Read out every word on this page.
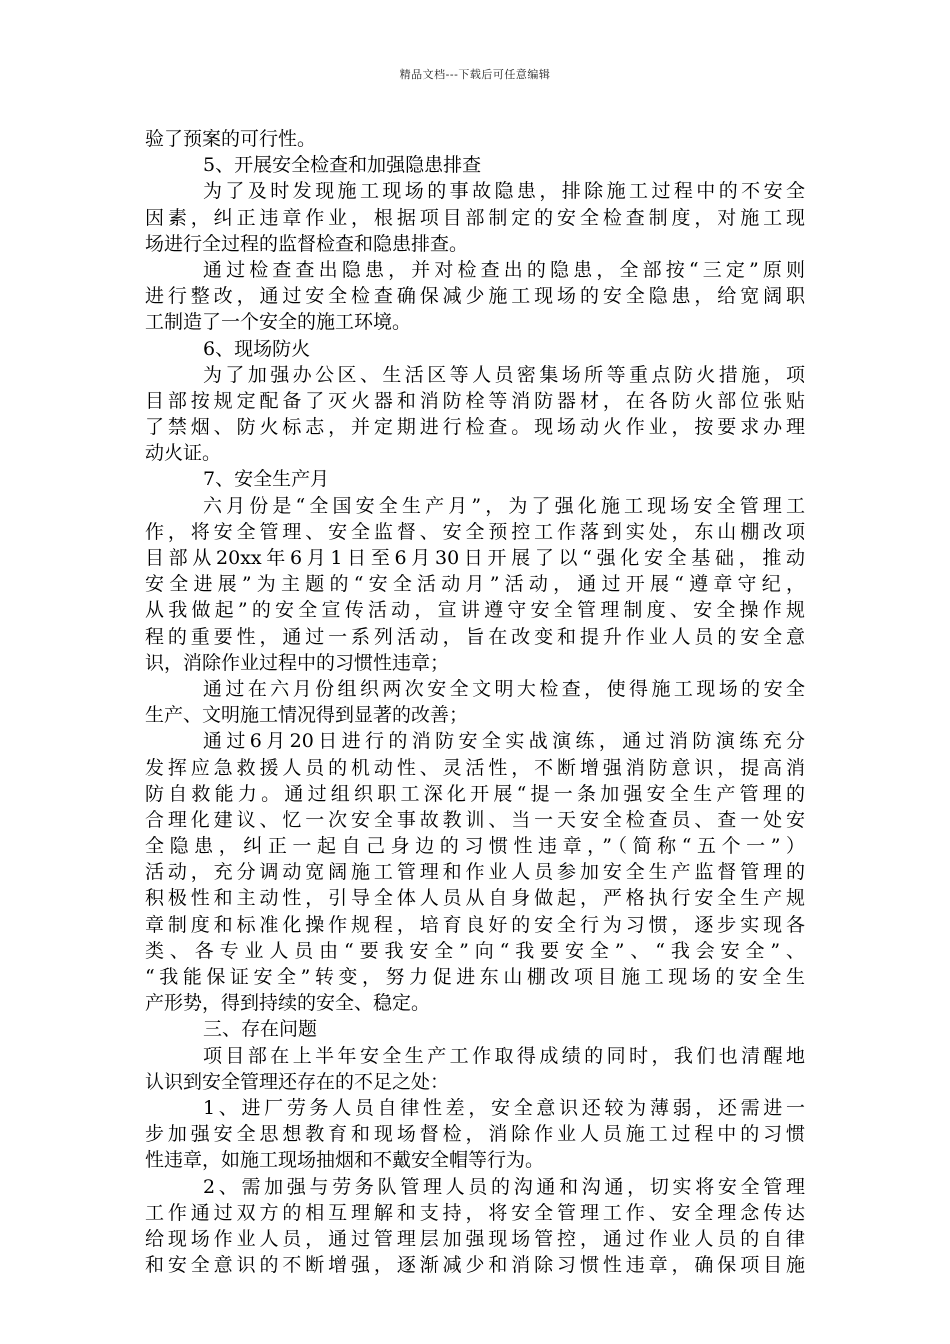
精品文档---下载后可任意编辑
验了预案的可行性。
5、开展安全检查和加强隐患排查
为了及时发现施工现场的事故隐患，排除施工过程中的不安全
因素，纠正违章作业，根据项目部制定的安全检查制度，对施工现
场进行全过程的监督检查和隐患排查。
通过检查查出隐患，并对检查出的隐患，全部按“三定”原则
进行整改，通过安全检查确保减少施工现场的安全隐患，给宽阔职
工制造了一个安全的施工环境。
6、现场防火
为了加强办公区、生活区等人员密集场所等重点防火措施，项
目部按规定配备了灭火器和消防栓等消防器材，在各防火部位张贴
了禁烟、防火标志，并定期进行检查。现场动火作业，按要求办理
动火证。
7、安全生产月
六月份是“全国安全生产月”，为了强化施工现场安全管理工
作，将安全管理、安全监督、安全预控工作落到实处，东山棚改项
目部从20xx年6月1日至6月30日开展了以“强化安全基础，推动
安全进展”为主题的“安全活动月”活动，通过开展“遵章守纪，
从我做起”的安全宣传活动，宣讲遵守安全管理制度、安全操作规
程的重要性，通过一系列活动，旨在改变和提升作业人员的安全意
识，消除作业过程中的习惯性违章；
通过在六月份组织两次安全文明大检查，使得施工现场的安全
生产、文明施工情况得到显著的改善；
通过6月20日进行的消防安全实战演练，通过消防演练充分
发挥应急救援人员的机动性、灵活性，不断增强消防意识，提高消
防自救能力。通过组织职工深化开展“提一条加强安全生产管理的
合理化建议、忆一次安全事故教训、当一天安全检查员、查一处安
全隐患，纠正一起自己身边的习惯性违章，”（简称“五个一”）
活动，充分调动宽阔施工管理和作业人员参加安全生产监督管理的
积极性和主动性，引导全体人员从自身做起，严格执行安全生产规
章制度和标准化操作规程，培育良好的安全行为习惯，逐步实现各
类、各专业人员由“要我安全”向“我要安全”、“我会安全”、
“我能保证安全”转变，努力促进东山棚改项目施工现场的安全生
产形势，得到持续的安全、稳定。
三、存在问题
项目部在上半年安全生产工作取得成绩的同时，我们也清醒地
认识到安全管理还存在的不足之处：
1、进厂劳务人员自律性差，安全意识还较为薄弱，还需进一
步加强安全思想教育和现场督检，消除作业人员施工过程中的习惯
性违章，如施工现场抽烟和不戴安全帽等行为。
2、需加强与劳务队管理人员的沟通和沟通，切实将安全管理
工作通过双方的相互理解和支持，将安全管理工作、安全理念传达
给现场作业人员，通过管理层加强现场管控，通过作业人员的自律
和安全意识的不断增强，逐渐减少和消除习惯性违章，确保项目施
